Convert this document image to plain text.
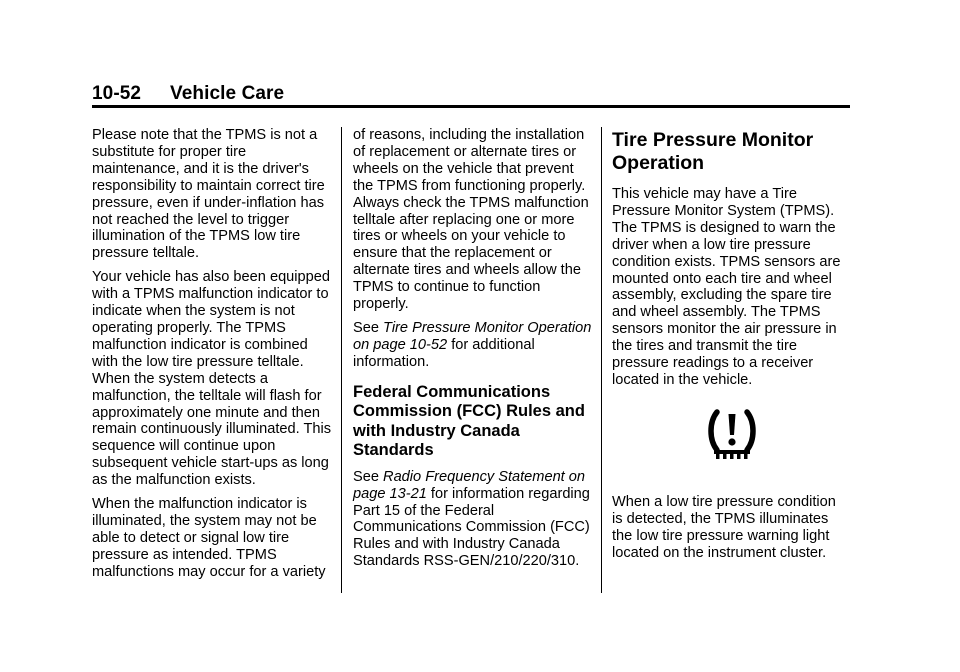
10-52 Vehicle Care

Please note that the TPMS is not a substitute for proper tire maintenance, and it is the driver's responsibility to maintain correct tire pressure, even if under-inflation has not reached the level to trigger illumination of the TPMS low tire pressure telltale.

Your vehicle has also been equipped with a TPMS malfunction indicator to indicate when the system is not operating properly. The TPMS malfunction indicator is combined with the low tire pressure telltale. When the system detects a malfunction, the telltale will flash for approximately one minute and then remain continuously illuminated. This sequence will continue upon subsequent vehicle start-ups as long as the malfunction exists.

When the malfunction indicator is illuminated, the system may not be able to detect or signal low tire pressure as intended. TPMS malfunctions may occur for a variety

of reasons, including the installation of replacement or alternate tires or wheels on the vehicle that prevent the TPMS from functioning properly. Always check the TPMS malfunction telltale after replacing one or more tires or wheels on your vehicle to ensure that the replacement or alternate tires and wheels allow the TPMS to continue to function properly.

See Tire Pressure Monitor Operation on page 10-52 for additional information.

Federal Communications Commission (FCC) Rules and with Industry Canada Standards

See Radio Frequency Statement on page 13-21 for information regarding Part 15 of the Federal Communications Commission (FCC) Rules and with Industry Canada Standards RSS-GEN/210/220/310.

Tire Pressure Monitor Operation

This vehicle may have a Tire Pressure Monitor System (TPMS). The TPMS is designed to warn the driver when a low tire pressure condition exists. TPMS sensors are mounted onto each tire and wheel assembly, excluding the spare tire and wheel assembly. The TPMS sensors monitor the air pressure in the tires and transmit the tire pressure readings to a receiver located in the vehicle.

When a low tire pressure condition is detected, the TPMS illuminates the low tire pressure warning light located on the instrument cluster.
